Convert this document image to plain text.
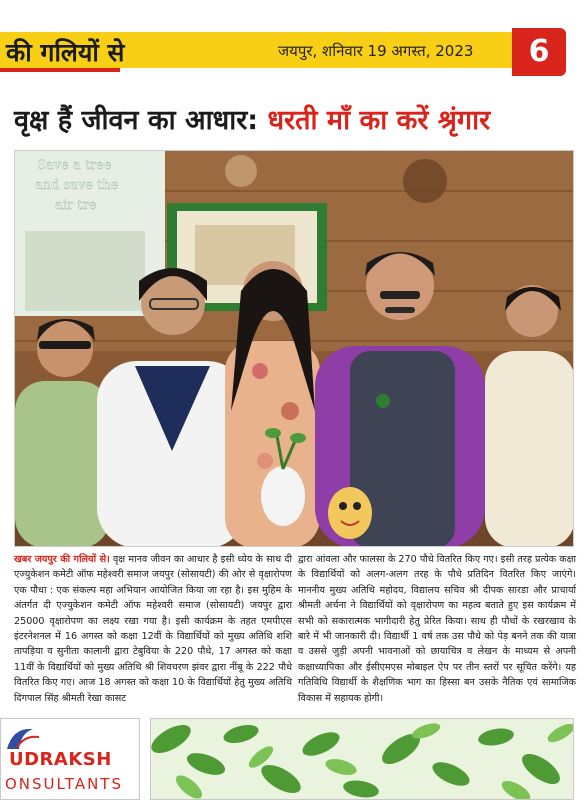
की गलियों से	जयपुर, शनिवार 19 अगस्त, 2023	6
वृक्ष हैं जीवन का आधार: धरती माँ का करें श्रृंगार
Save a tree
and save the
air tre
खबर जयपुर की गलियों से। वृक्ष मानव जीवन का आधार है इसी ध्येय के साथ दी एज्युकेशन कमेटी ऑफ महेश्वरी समाज जयपुर (सोसायटी) की ओर से वृक्षारोपण एक पौधा : एक संकल्प महा अभियान आयोजित किया जा रहा है। इस मुहिम के अंतर्गत दी एज्युकेशन कमेटी ऑफ महेश्वरी समाज (सोसायटी) जयपुर द्वारा 25000 वृक्षारोपण का लक्ष्य रखा गया है। इसी कार्यक्रम के तहत एमपीएस इंटरनेशनल में 16 अगस्त को कक्षा 12वीं के विद्यार्थियों को मुख्य अतिथि शशि तापड़िया व सुनीता कालानी द्वारा टेबुविया के 220 पौधे, 17 अगस्त को कक्षा 11वीं के विद्यार्थियों को मुख्य अतिथि श्री शिवचरण झंवर द्वारा नींबू के 222 पौधे वितरित किए गए। आज 18 अगस्त को कक्षा 10 के विद्यार्थियों हेतु मुख्य अतिथि दिगपाल सिंह श्रीमती रेखा कासट
द्वारा आंवला और फालसा के 270 पौधे वितरित किए गए। इसी तरह प्रत्येक कक्षा के विद्यार्थियों को अलग-अलग तरह के पौधे प्रतिदिन वितरित किए जाएंगे। माननीय मुख्य अतिथि महोदय, विद्यालय सचिव श्री दीपक सारडा और प्राचार्या श्रीमती अर्चना ने विद्यार्थियों को वृक्षारोपण का महत्व बताते हुए इस कार्यक्रम में सभी को सकारात्मक भागीदारी हेतु प्रेरित किया। साथ ही पौधों के रखरखाव के बारे में भी जानकारी दी। विद्यार्थी 1 वर्ष तक उस पौधे को पेड़ बनने तक की यात्रा व उससे जुड़ी अपनी भावनाओं को छायाचित्र व लेखन के माध्यम से अपनी कक्षाध्यापिका और ईसीएमएस मोबाइल ऐप पर तीन स्तरों पर सूचित करेंगे। यह गतिविधि विद्यार्थी के शैक्षणिक भाग का हिस्सा बन उसके नैतिक एवं सामाजिक विकास में सहायक होगी।
UDRAKSH
ONSULTANTS
